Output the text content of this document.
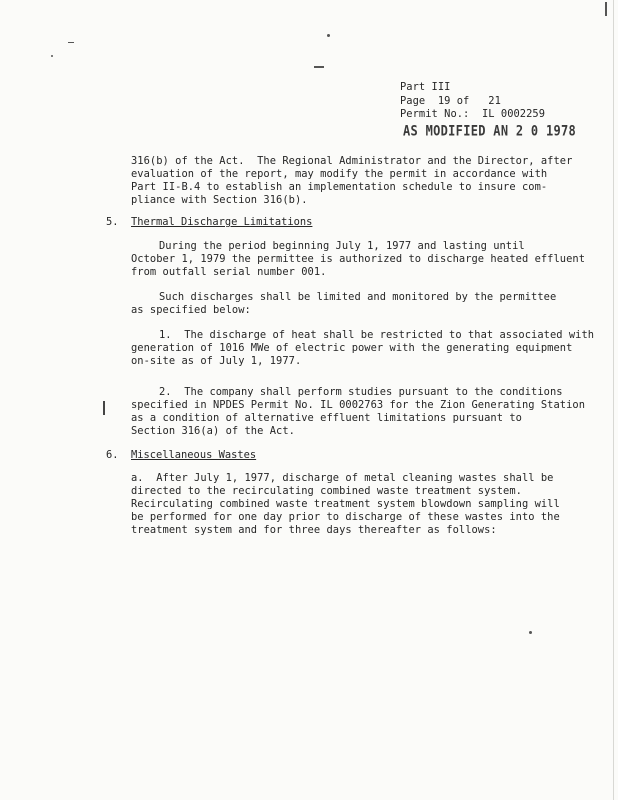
Part III
Page  19 of   21
Permit No.:  IL 0002259
AS MODIFIED AN 2 0 1978
316(b) of the Act.  The Regional Administrator and the Director, after
evaluation of the report, may modify the permit in accordance with
Part II-B.4 to establish an implementation schedule to insure com-
pliance with Section 316(b).
5. Thermal Discharge Limitations
During the period beginning July 1, 1977 and lasting until
October 1, 1979 the permittee is authorized to discharge heated effluent
from outfall serial number 001.
Such discharges shall be limited and monitored by the permittee
as specified below:
1.  The discharge of heat shall be restricted to that associated with
generation of 1016 MWe of electric power with the generating equipment
on-site as of July 1, 1977.
2.  The company shall perform studies pursuant to the conditions
specified in NPDES Permit No. IL 0002763 for the Zion Generating Station
as a condition of alternative effluent limitations pursuant to
Section 316(a) of the Act.
6. Miscellaneous Wastes
a.  After July 1, 1977, discharge of metal cleaning wastes shall be
directed to the recirculating combined waste treatment system.
Recirculating combined waste treatment system blowdown sampling will
be performed for one day prior to discharge of these wastes into the
treatment system and for three days thereafter as follows:
